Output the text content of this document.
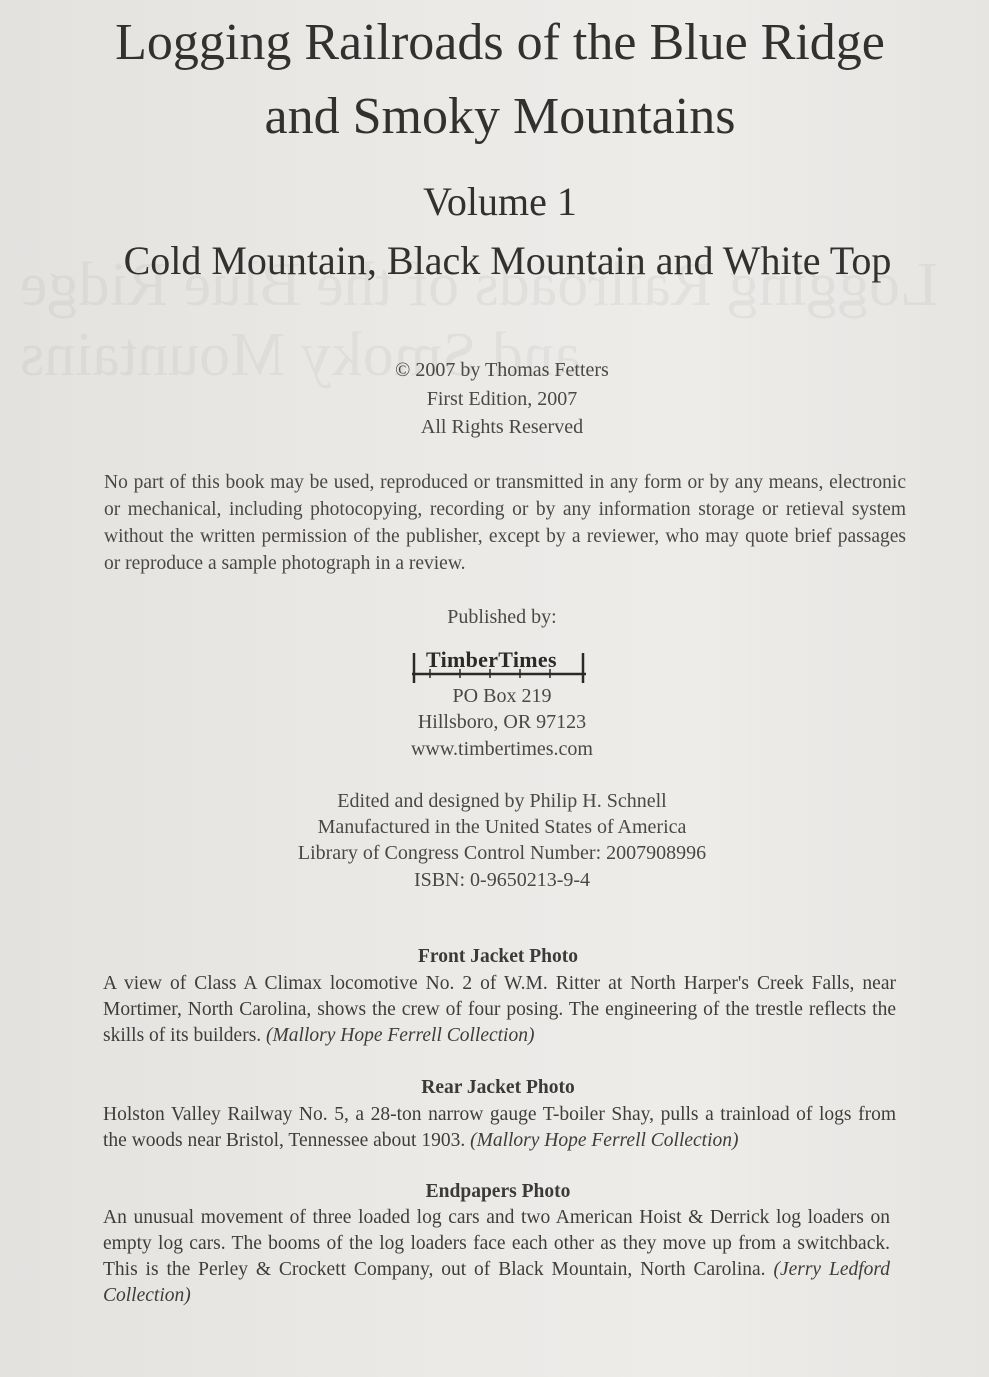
Logging Railroads of the Blue Ridge
and Smoky Mountains
Volume 1
Cold Mountain, Black Mountain and White Top
© 2007 by Thomas Fetters
First Edition, 2007
All Rights Reserved
No part of this book may be used, reproduced or transmitted in any form or by any means, electronic or mechanical, including photocopying, recording or by any information storage or retieval system without the written permission of the publisher, except by a reviewer, who may quote brief passages or reproduce a sample photograph in a review.
Published by:
TimberTimes
PO Box 219
Hillsboro, OR 97123
www.timbertimes.com
Edited and designed by Philip H. Schnell
Manufactured in the United States of America
Library of Congress Control Number: 2007908996
ISBN: 0-9650213-9-4
Front Jacket Photo
A view of Class A Climax locomotive No. 2 of W.M. Ritter at North Harper's Creek Falls, near Mortimer, North Carolina, shows the crew of four posing. The engineering of the trestle reflects the skills of its builders. (Mallory Hope Ferrell Collection)
Rear Jacket Photo
Holston Valley Railway No. 5, a 28-ton narrow gauge T-boiler Shay, pulls a trainload of logs from the woods near Bristol, Tennessee about 1903. (Mallory Hope Ferrell Collection)
Endpapers Photo
An unusual movement of three loaded log cars and two American Hoist & Derrick log loaders on empty log cars. The booms of the log loaders face each other as they move up from a switchback. This is the Perley & Crockett Company, out of Black Mountain, North Carolina. (Jerry Ledford Collection)
